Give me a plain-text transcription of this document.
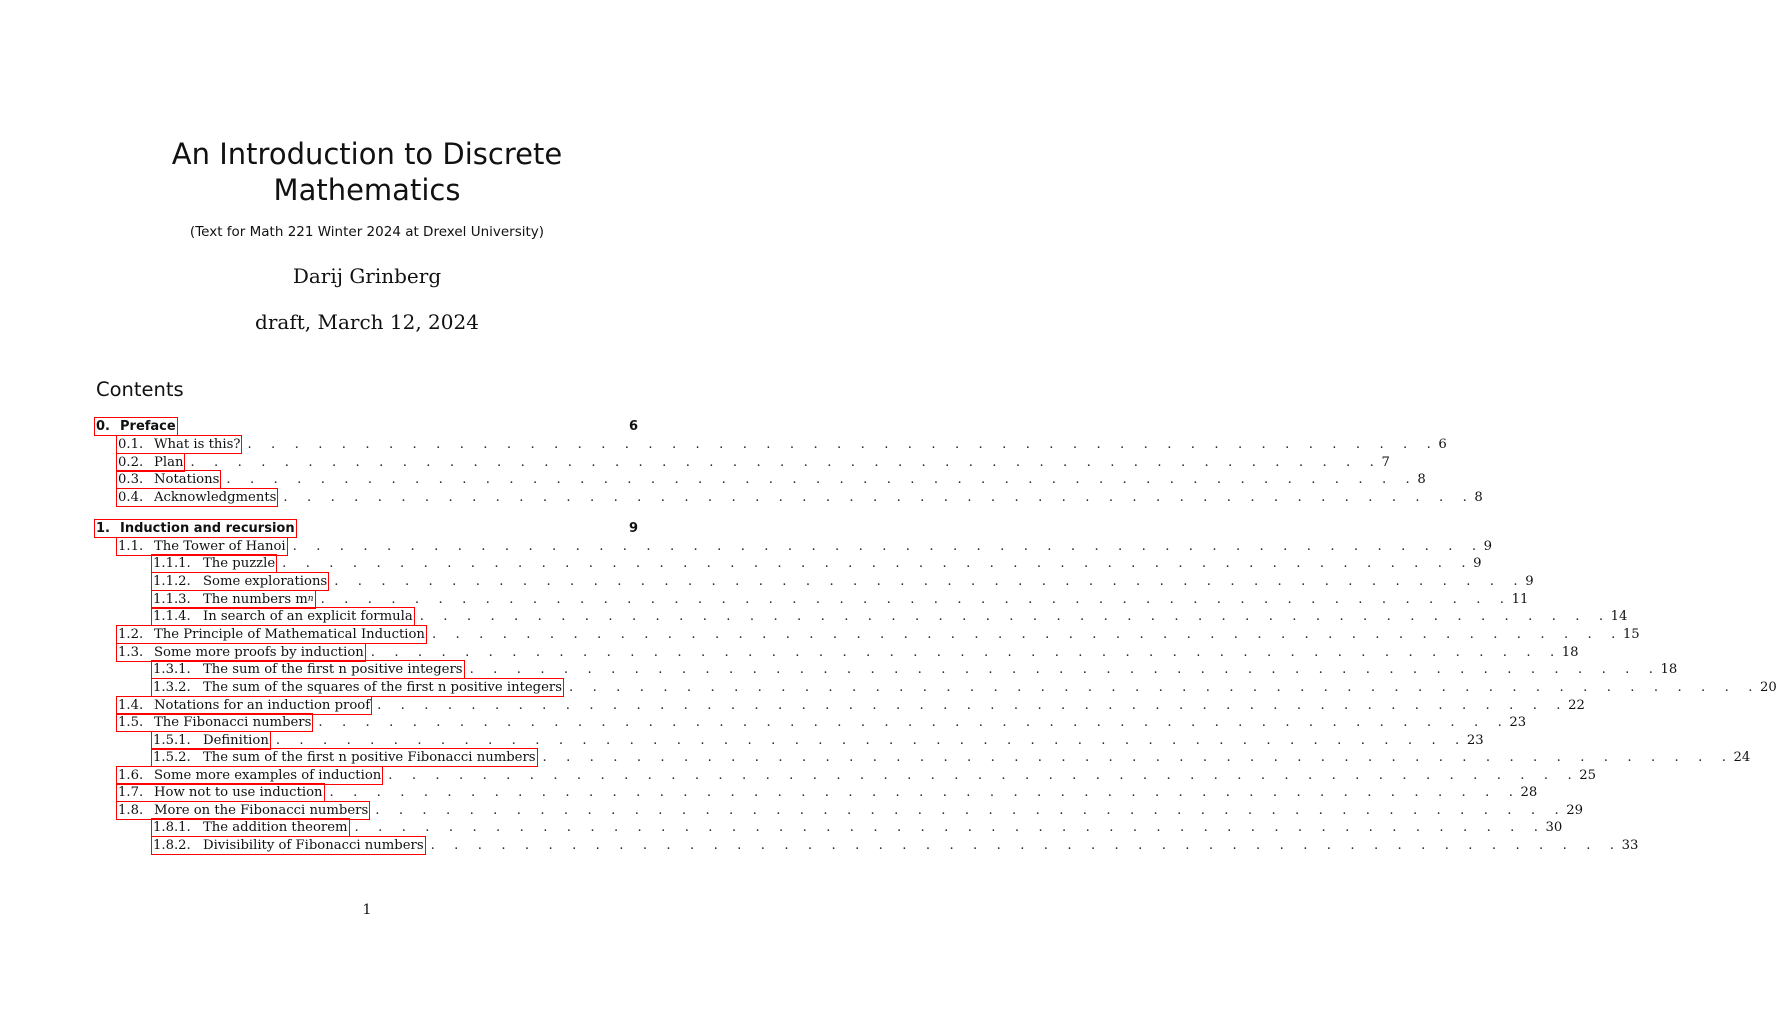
An Introduction to Discrete
Mathematics
(Text for Math 221 Winter 2024 at Drexel University)
Darij Grinberg
draft, March 12, 2024
Contents
0. Preface	6
0.1. What is this? . . . . . . . . . . . . . . . . . . . . . . . . . . . . . . . . . . . . . . . . . . . . . . . . . . . 6
0.2. Plan . . . . . . . . . . . . . . . . . . . . . . . . . . . . . . . . . . . . . . . . . . . . . . . . . . . 7
0.3. Notations . . . . . . . . . . . . . . . . . . . . . . . . . . . . . . . . . . . . . . . . . . . . . . . . . . . 8
0.4. Acknowledgments . . . . . . . . . . . . . . . . . . . . . . . . . . . . . . . . . . . . . . . . . . . . . . . . . . . 8
1. Induction and recursion	9
1.1. The Tower of Hanoi . . . . . . . . . . . . . . . . . . . . . . . . . . . . . . . . . . . . . . . . . . . . . . . . . . . 9
1.1.1. The puzzle . . . . . . . . . . . . . . . . . . . . . . . . . . . . . . . . . . . . . . . . . . . . . . . . . . . 9
1.1.2. Some explorations . . . . . . . . . . . . . . . . . . . . . . . . . . . . . . . . . . . . . . . . . . . . . . . . . . . 9
1.1.3. The numbers m n . . . . . . . . . . . . . . . . . . . . . . . . . . . . . . . . . . . . . . . . . . . . . . . . . . . 11
1.1.4. In search of an explicit formula . . . . . . . . . . . . . . . . . . . . . . . . . . . . . . . . . . . . . . . . . . . . . . . . . . . 14
1.2. The Principle of Mathematical Induction . . . . . . . . . . . . . . . . . . . . . . . . . . . . . . . . . . . . . . . . . . . . . . . . . . . 15
1.3. Some more proofs by induction . . . . . . . . . . . . . . . . . . . . . . . . . . . . . . . . . . . . . . . . . . . . . . . . . . . 18
1.3.1. The sum of the first n positive integers . . . . . . . . . . . . . . . . . . . . . . . . . . . . . . . . . . . . . . . . . . . . . . . . . . . 18
1.3.2. The sum of the squares of the first n positive integers . . . . . . . . . . . . . . . . . . . . . . . . . . . . . . . . . . . . . . . . . . . . . . . . . . . 20
1.4. Notations for an induction proof . . . . . . . . . . . . . . . . . . . . . . . . . . . . . . . . . . . . . . . . . . . . . . . . . . . 22
1.5. The Fibonacci numbers . . . . . . . . . . . . . . . . . . . . . . . . . . . . . . . . . . . . . . . . . . . . . . . . . . . 23
1.5.1. Definition . . . . . . . . . . . . . . . . . . . . . . . . . . . . . . . . . . . . . . . . . . . . . . . . . . . 23
1.5.2. The sum of the first n positive Fibonacci numbers . . . . . . . . . . . . . . . . . . . . . . . . . . . . . . . . . . . . . . . . . . . . . . . . . . . 24
1.6. Some more examples of induction . . . . . . . . . . . . . . . . . . . . . . . . . . . . . . . . . . . . . . . . . . . . . . . . . . . 25
1.7. How not to use induction . . . . . . . . . . . . . . . . . . . . . . . . . . . . . . . . . . . . . . . . . . . . . . . . . . . 28
1.8. More on the Fibonacci numbers . . . . . . . . . . . . . . . . . . . . . . . . . . . . . . . . . . . . . . . . . . . . . . . . . . . 29
1.8.1. The addition theorem . . . . . . . . . . . . . . . . . . . . . . . . . . . . . . . . . . . . . . . . . . . . . . . . . . . 30
1.8.2. Divisibility of Fibonacci numbers . . . . . . . . . . . . . . . . . . . . . . . . . . . . . . . . . . . . . . . . . . . . . . . . . . . 33
1
